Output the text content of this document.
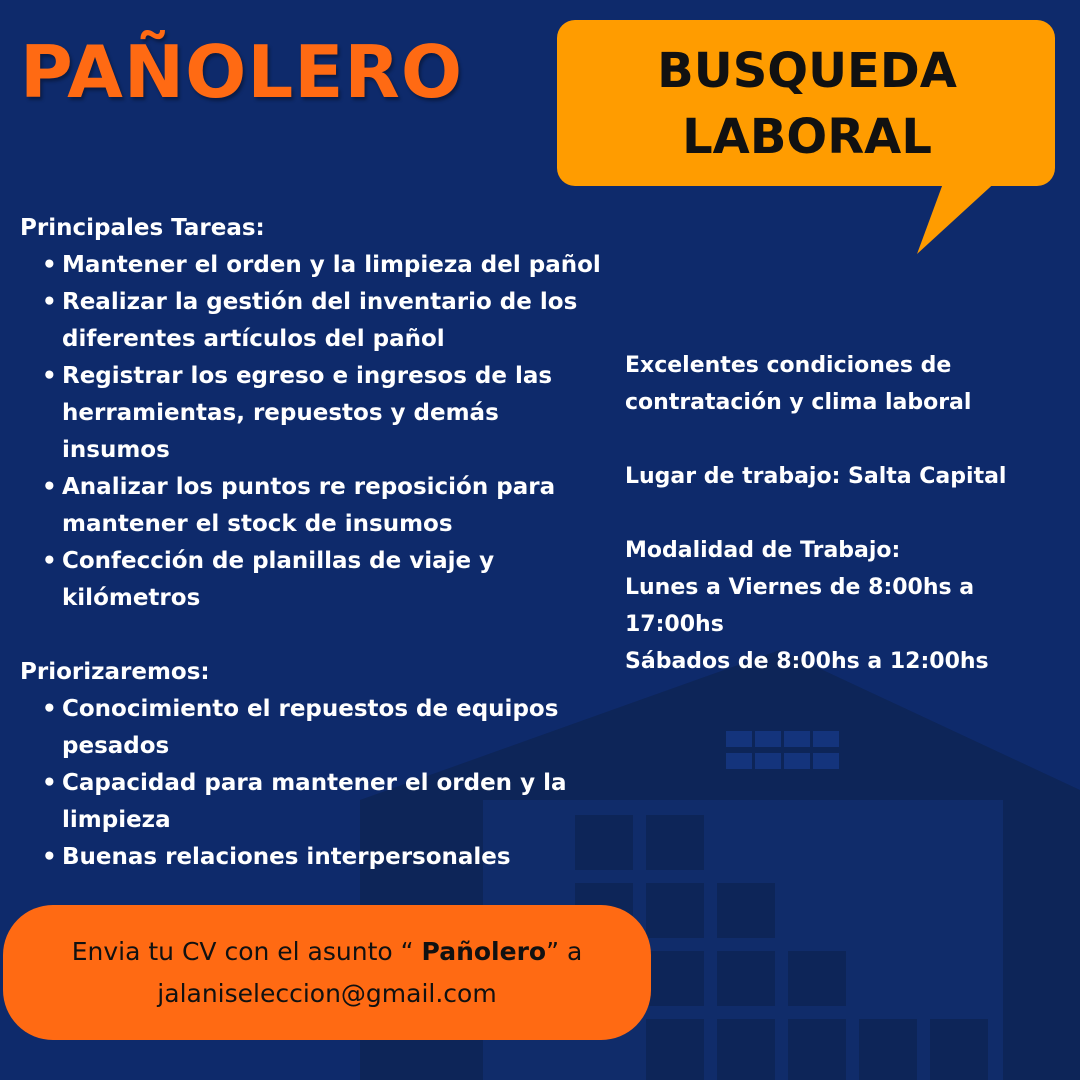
PAÑOLERO	BUSQUEDA
LABORAL

Principales Tareas:

• Mantener el orden y la limpieza del pañol
• Realizar la gestión del inventario de los diferentes artículos del pañol
• Registrar los egreso e ingresos de las herramientas, repuestos y demás insumos
• Analizar los puntos re reposición para mantener el stock de insumos
• Confección de planillas de viaje y kilómetros

Priorizaremos:

• Conocimiento el repuestos de equipos pesados
• Capacidad para mantener el orden y la limpieza
• Buenas relaciones interpersonales

Excelentes condiciones de contratación y clima laboral

Lugar de trabajo: Salta Capital

Modalidad de Trabajo:

Lunes a Viernes de 8:00hs a 17:00hs

Sábados de 8:00hs a 12:00hs

Envia tu CV con el asunto “ Pañolero” a
jalaniseleccion@gmail.com
